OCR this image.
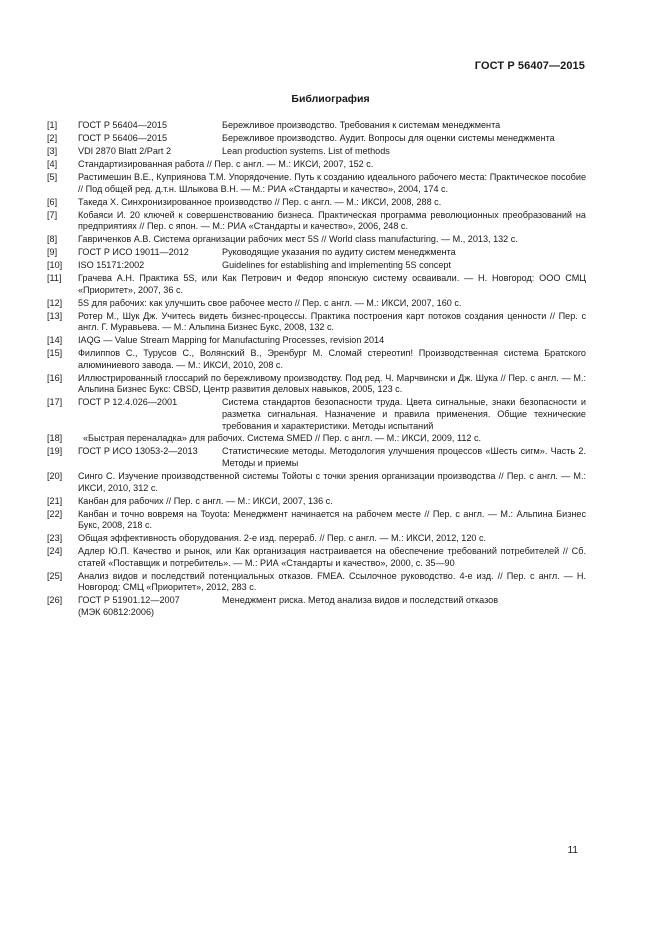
ГОСТ Р 56407—2015
Библиография
[1] ГОСТ Р 56404—2015	Бережливое производство. Требования к системам менеджмента
[2] ГОСТ Р 56406—2015	Бережливое производство. Аудит. Вопросы для оценки системы менеджмента
[3] VDI 2870 Blatt 2/Part 2	Lean production systems. List of methods
[4] Стандартизированная работа // Пер. с англ. — М.: ИКСИ, 2007, 152 с.
[5] Растимешин В.Е., Куприянова Т.М. Упорядочение. Путь к созданию идеального рабочего места: Практическое пособие // Под общей ред. д.т.н. Шлыкова В.Н. — М.: РИА «Стандарты и качество», 2004, 174 с.
[6] Такеда Х. Синхронизированное производство // Пер. с англ. — М.: ИКСИ, 2008, 288 с.
[7] Кобаяси И. 20 ключей к совершенствованию бизнеса. Практическая программа революционных преобразований на предприятиях // Пер. с япон. — М.: РИА «Стандарты и качество», 2006, 248 с.
[8] Гавриченков А.В. Система организации рабочих мест 5S // World class manufacturing. — М., 2013, 132 с.
[9] ГОСТ Р ИСО 19011—2012	Руководящие указания по аудиту систем менеджмента
[10] ISO 15171:2002	Guidelines for establishing and implementing 5S concept
[11] Грачева А.Н. Практика 5S, или Как Петрович и Федор японскую систему осваивали. — Н. Новгород: ООО СМЦ «Приоритет», 2007, 36 с.
[12] 5S для рабочих: как улучшить свое рабочее место // Пер. с англ. — М.: ИКСИ, 2007, 160 с.
[13] Ротер М., Шук Дж. Учитесь видеть бизнес-процессы. Практика построения карт потоков создания ценности // Пер. с англ. Г. Муравьева. — М.: Альпина Бизнес Букс, 2008, 132 с.
[14] IAQG — Value Stream Mapping for Manufacturing Processes, revision 2014
[15] Филиппов С., Турусов С., Волянский В., Эренбург М. Сломай стереотип! Производственная система Братского алюминиевого завода. — М.: ИКСИ, 2010, 208 с.
[16] Иллюстрированный глоссарий по бережливому производству. Под ред. Ч. Марчвински и Дж. Шука // Пер. с англ. — М.: Альпина Бизнес Букс: CBSD, Центр развития деловых навыков, 2005, 123 с.
[17] ГОСТ Р 12.4.026—2001	Система стандартов безопасности труда. Цвета сигнальные, знаки безопасности и разметка сигнальная. Назначение и правила применения. Общие технические требования и характеристики. Методы испытаний
[18]	«Быстрая переналадка» для рабочих. Система SMED // Пер. с англ. — М.: ИКСИ, 2009, 112 с.
[19] ГОСТ Р ИСО 13053-2—2013	Статистические методы. Методология улучшения процессов «Шесть сигм». Часть 2. Методы и приемы
[20] Синго С. Изучение производственной системы Тойоты с точки зрения организации производства // Пер. с англ. — М.: ИКСИ, 2010, 312 с.
[21] Канбан для рабочих // Пер. с англ. — М.: ИКСИ, 2007, 136 с.
[22] Канбан и точно вовремя на Toyota: Менеджмент начинается на рабочем месте // Пер. с англ. — М.: Альпина Бизнес Букс, 2008, 218 с.
[23] Общая эффективность оборудования. 2-е изд. перераб. // Пер. с англ. — М.: ИКСИ, 2012, 120 с.
[24] Адлер Ю.П. Качество и рынок, или Как организация настраивается на обеспечение требований потребителей // Сб. статей «Поставщик и потребитель». — М.: РИА «Стандарты и качество», 2000, с. 35—90
[25] Анализ видов и последствий потенциальных отказов. FMEA. Ссылочное руководство. 4-е изд. // Пер. с англ. — Н. Новгород: СМЦ «Приоритет», 2012, 283 с.
[26] ГОСТ Р 51901.12—2007	Менеджмент риска. Метод анализа видов и последствий отказов
(МЭК 60812:2006)
11
